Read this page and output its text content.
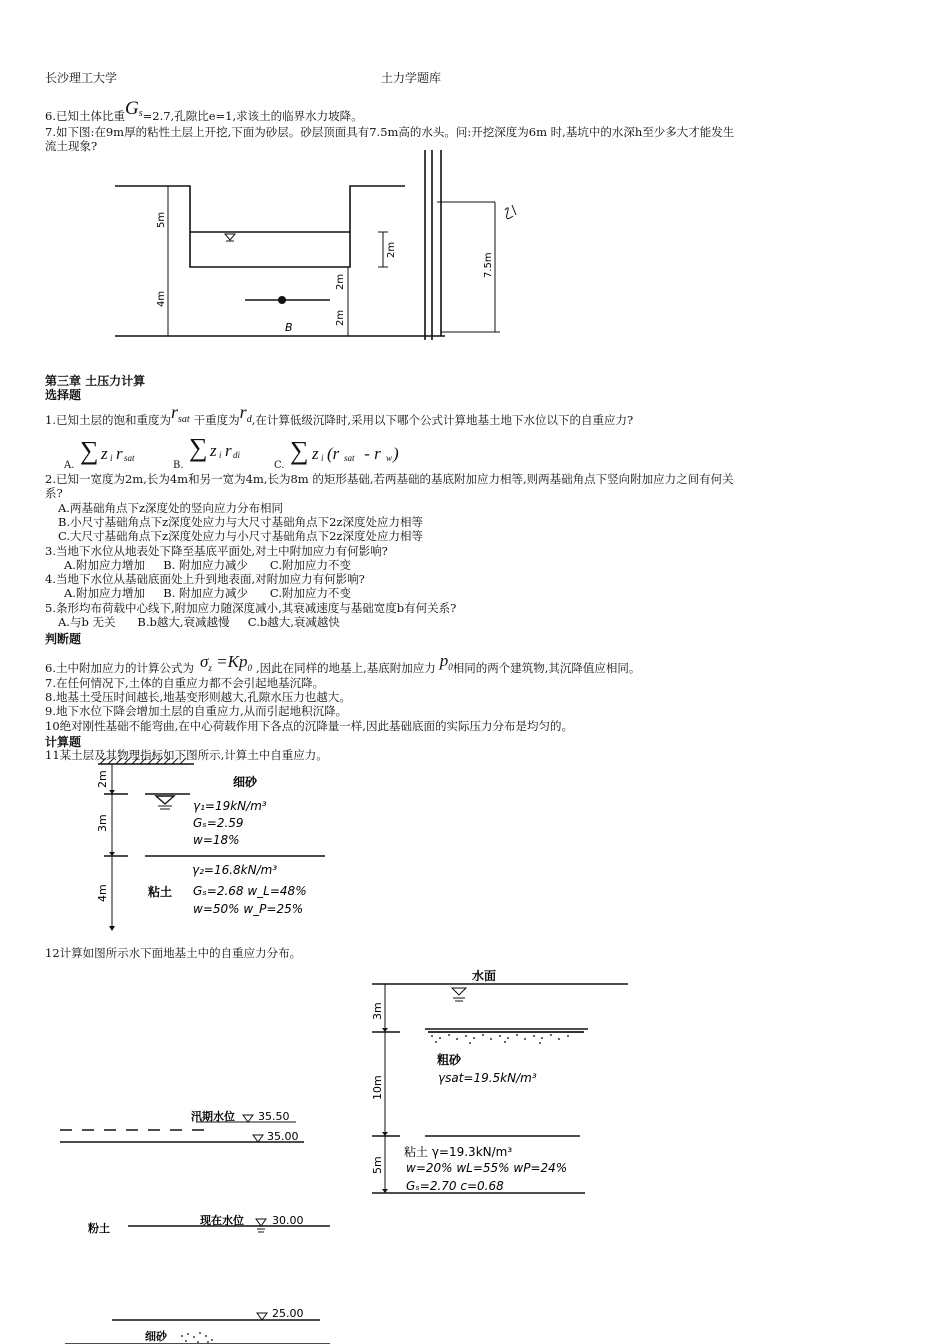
长沙理工大学	土力学题库
6.已知土体比重Gs=2.7,孔隙比e=1,求该土的临界水力坡降。
7.如下图:在9m厚的粘性土层上开挖,下面为砂层。砂层顶面具有7.5m高的水头。问:开挖深度为6m 时,基坑中的水深h至少多大才能发生
流土现象?
5m
4m
2m
2m
2m
7.5m
B
第三章 土压力计算
选择题
1.已知土层的饱和重度为rsat 干重度为rd,在计算低级沉降时,采用以下哪个公式计算地基土地下水位以下的自重应力?
A.
∑ z i r sat
B.
∑ z i r di
C.
∑ z i (r sat - r w )
2.已知一宽度为2m,长为4m和另一宽为4m,长为8m 的矩形基础,若两基础的基底附加应力相等,则两基础角点下竖向附加应力之间有何关
系?
A.两基础角点下z深度处的竖向应力分布相同
B.小尺寸基础角点下z深度处应力与大尺寸基础角点下2z深度处应力相等
C.大尺寸基础角点下z深度处应力与小尺寸基础角点下2z深度处应力相等
3.当地下水位从地表处下降至基底平面处,对土中附加应力有何影响?
A.附加应力增加     B. 附加应力减少      C.附加应力不变
4.当地下水位从基础底面处上升到地表面,对附加应力有何影响?
A.附加应力增加     B. 附加应力减少      C.附加应力不变
5.条形均布荷载中心线下,附加应力随深度减小,其衰减速度与基础宽度b有何关系?
A.与b 无关      B.b越大,衰减越慢     C.b越大,衰减越快
判断题
6.土中附加应力的计算公式为 σz =Kp0 ,因此在同样的地基上,基底附加应力 p0相同的两个建筑物,其沉降值应相同。
7.在任何情况下,土体的自重应力都不会引起地基沉降。
8.地基土受压时间越长,地基变形则越大,孔隙水压力也越大。
9.地下水位下降会增加土层的自重应力,从而引起地积沉降。
10绝对刚性基础不能弯曲,在中心荷载作用下各点的沉降量一样,因此基础底面的实际压力分布是均匀的。
计算题
11某土层及其物理指标如下图所示,计算土中自重应力。
2m
3m
4m
细砂
γ₁=19kN/m³
Gₛ=2.59
w=18%
γ₂=16.8kN/m³
粘土 Gₛ=2.68 w_L=48%
w=50% w_P=25%
12计算如图所示水下面地基土中的自重应力分布。
水面
3m
10m
5m
粗砂
γsat=19.5kN/m³
粘土 γ=19.3kN/m³
w=20% wL=55% wP=24%
Gₛ=2.70 c=0.68
汛期水位 35.50
35.00
粉土
现在水位	30.00
25.00
细砂
